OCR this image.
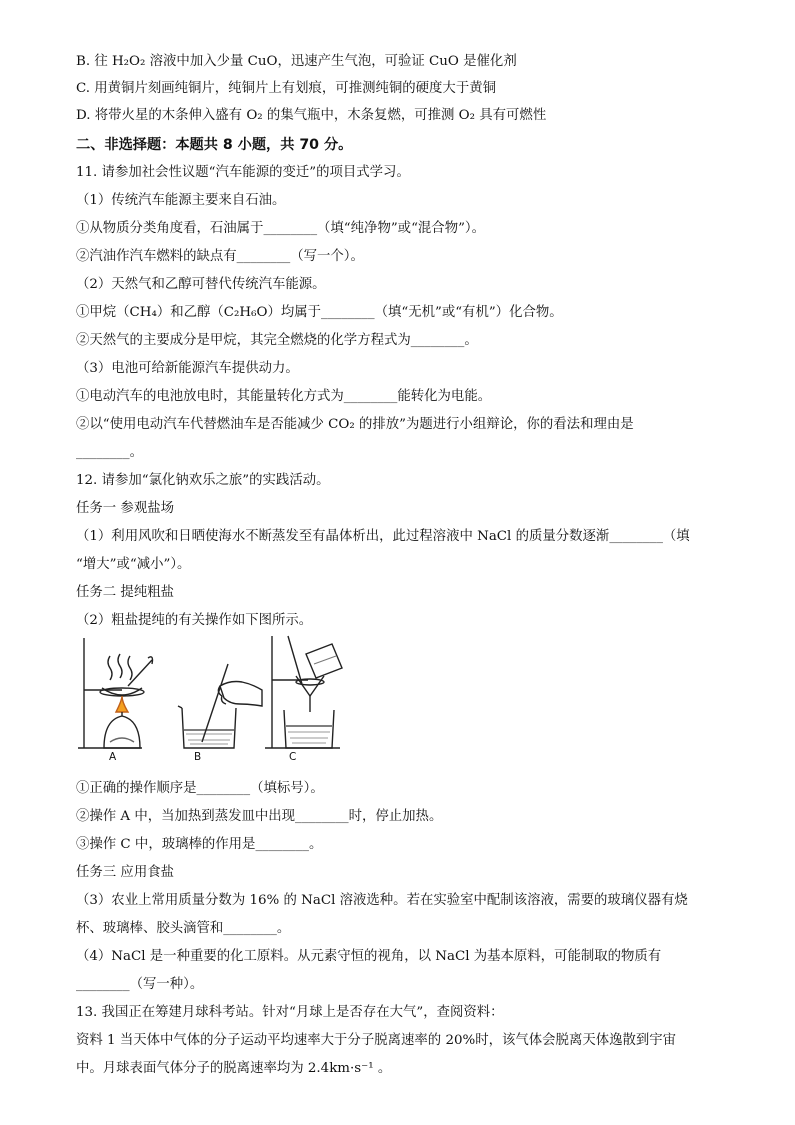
B. 往 H₂O₂ 溶液中加入少量 CuO，迅速产生气泡，可验证 CuO 是催化剂
C. 用黄铜片刻画纯铜片，纯铜片上有划痕，可推测纯铜的硬度大于黄铜
D. 将带火星的木条伸入盛有 O₂ 的集气瓶中，木条复燃，可推测 O₂ 具有可燃性
二、非选择题：本题共 8 小题，共 70 分。
11. 请参加社会性议题“汽车能源的变迁”的项目式学习。
（1）传统汽车能源主要来自石油。
①从物质分类角度看，石油属于________（填“纯净物”或“混合物”）。
②汽油作汽车燃料的缺点有________（写一个）。
（2）天然气和乙醇可替代传统汽车能源。
①甲烷（CH₄）和乙醇（C₂H₆O）均属于________（填“无机”或“有机”）化合物。
②天然气的主要成分是甲烷，其完全燃烧的化学方程式为________。
（3）电池可给新能源汽车提供动力。
①电动汽车的电池放电时，其能量转化方式为________能转化为电能。
②以“使用电动汽车代替燃油车是否能减少 CO₂ 的排放”为题进行小组辩论，你的看法和理由是
________。
12. 请参加“氯化钠欢乐之旅”的实践活动。
任务一 参观盐场
（1）利用风吹和日晒使海水不断蒸发至有晶体析出，此过程溶液中 NaCl 的质量分数逐渐________（填
“增大”或“减小”）。
任务二 提纯粗盐
（2）粗盐提纯的有关操作如下图所示。
①正确的操作顺序是________（填标号）。
②操作 A 中，当加热到蒸发皿中出现________时，停止加热。
③操作 C 中，玻璃棒的作用是________。
任务三 应用食盐
（3）农业上常用质量分数为 16% 的 NaCl 溶液选种。若在实验室中配制该溶液，需要的玻璃仪器有烧
杯、玻璃棒、胶头滴管和________。
（4）NaCl 是一种重要的化工原料。从元素守恒的视角，以 NaCl 为基本原料，可能制取的物质有
________（写一种）。
13. 我国正在筹建月球科考站。针对“月球上是否存在大气”，查阅资料：
资料 1 当天体中气体的分子运动平均速率大于分子脱离速率的 20%时，该气体会脱离天体逸散到宇宙
中。月球表面气体分子的脱离速率均为 2.4km·s⁻¹ 。
A	B	C
